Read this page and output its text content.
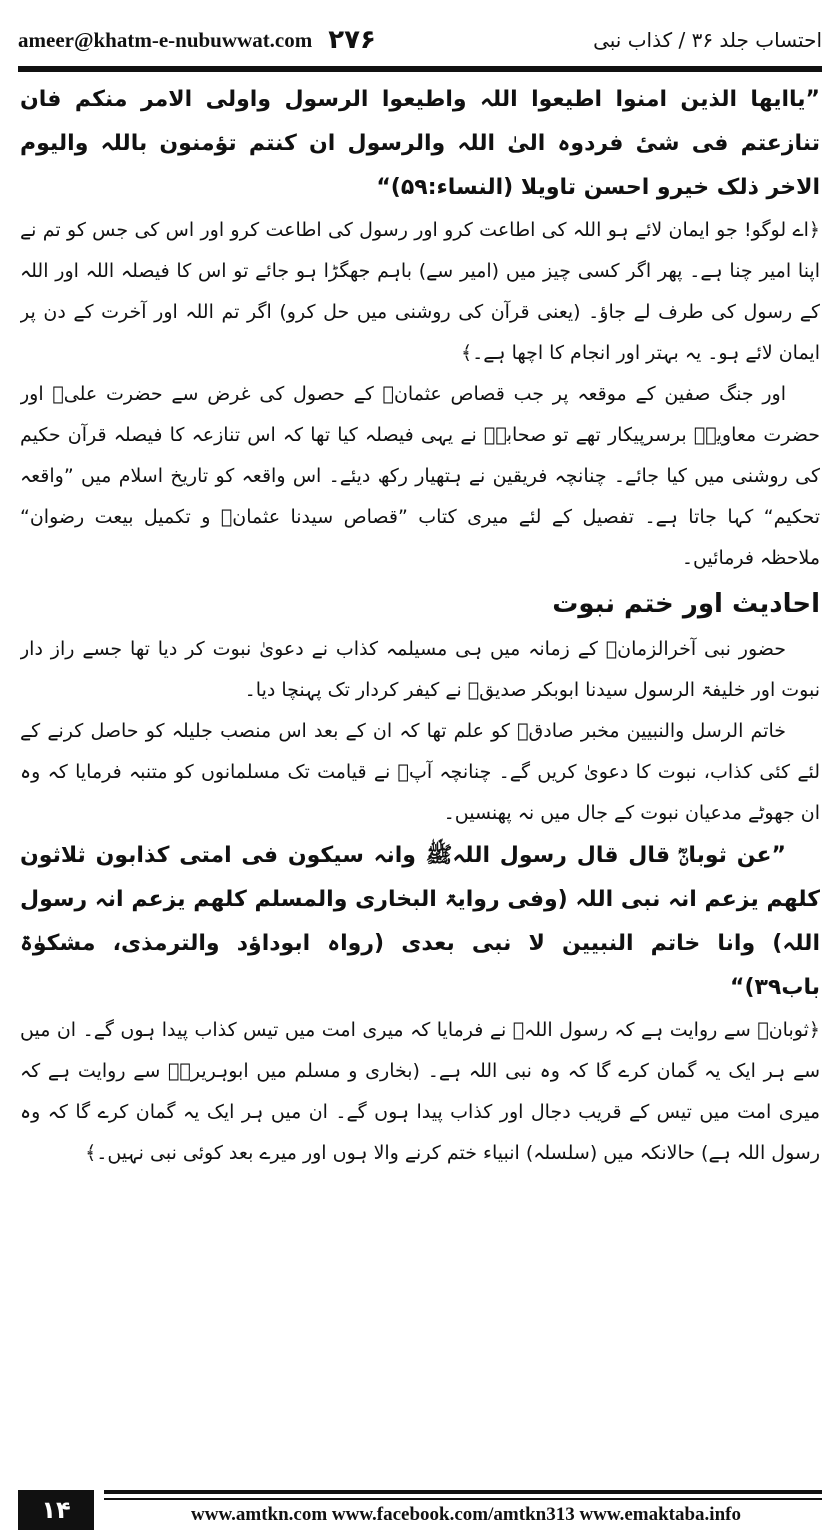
ameer@khatm-e-nubuwwat.com ۲۷۶	احتساب جلد ۳۶ / کذاب نبی

”یاایھا الذین امنوا اطیعوا اللہ واطیعوا الرسول واولی الامر منکم فان تنازعتم فی شیٔ فردوہ الیٰ اللہ والرسول ان کنتم تؤمنون باللہ والیوم الاخر ذلک خیرو احسن تاویلا (النساء:۵۹)“

﴿اے لوگو! جو ایمان لائے ہو اللہ کی اطاعت کرو اور رسول کی اطاعت کرو اور اس کی جس کو تم نے اپنا امیر چنا ہے۔ پھر اگر کسی چیز میں (امیر سے) باہم جھگڑا ہو جائے تو اس کا فیصلہ اللہ اور اللہ کے رسول کی طرف لے جاؤ۔ (یعنی قرآن کی روشنی میں حل کرو) اگر تم اللہ اور آخرت کے دن پر ایمان لائے ہو۔ یہ بہتر اور انجام کا اچھا ہے۔﴾

اور جنگ صفین کے موقعہ پر جب قصاص عثمانؓ کے حصول کی غرض سے حضرت علیؓ اور حضرت معاویہؓ برسرپیکار تھے تو صحابہؓ نے یہی فیصلہ کیا تھا کہ اس تنازعہ کا فیصلہ قرآن حکیم کی روشنی میں کیا جائے۔ چنانچہ فریقین نے ہتھیار رکھ دیئے۔ اس واقعہ کو تاریخ اسلام میں ”واقعہ تحکیم“ کہا جاتا ہے۔ تفصیل کے لئے میری کتاب ”قصاص سیدنا عثمانؓ و تکمیل بیعت رضوان“ ملاحظہ فرمائیں۔

احادیث اور ختم نبوت

حضور نبی آخرالزمانﷺ کے زمانہ میں ہی مسیلمہ کذاب نے دعویٰ نبوت کر دیا تھا جسے راز دار نبوت اور خلیفۃ الرسول سیدنا ابوبکر صدیقؓ نے کیفر کردار تک پہنچا دیا۔

خاتم الرسل والنبیین مخبر صادقﷺ کو علم تھا کہ ان کے بعد اس منصب جلیلہ کو حاصل کرنے کے لئے کئی کذاب، نبوت کا دعویٰ کریں گے۔ چنانچہ آپؐ نے قیامت تک مسلمانوں کو متنبہ فرمایا کہ وہ ان جھوٹے مدعیان نبوت کے جال میں نہ پھنسیں۔

”عن ثوبانؓ قال قال رسول اللہﷺ وانہ سیکون فی امتی کذابون ثلاثون کلھم یزعم انہ نبی اللہ (وفی روایۃ البخاری والمسلم کلھم یزعم انہ رسول اللہ) وانا خاتم النبیین لا نبی بعدی (رواہ ابوداؤد والترمذی، مشکوٰۃ باب۳۹)“

﴿ثوبانؓ سے روایت ہے کہ رسول اللہﷺ نے فرمایا کہ میری امت میں تیس کذاب پیدا ہوں گے۔ ان میں سے ہر ایک یہ گمان کرے گا کہ وہ نبی اللہ ہے۔ (بخاری و مسلم میں ابوہریرہؓ سے روایت ہے کہ میری امت میں تیس کے قریب دجال اور کذاب پیدا ہوں گے۔ ان میں ہر ایک یہ گمان کرے گا کہ وہ رسول اللہ ہے) حالانکہ میں (سلسلہ) انبیاء ختم کرنے والا ہوں اور میرے بعد کوئی نبی نہیں۔﴾

۱۴	www.amtkn.com www.facebook.com/amtkn313 www.emaktaba.info
